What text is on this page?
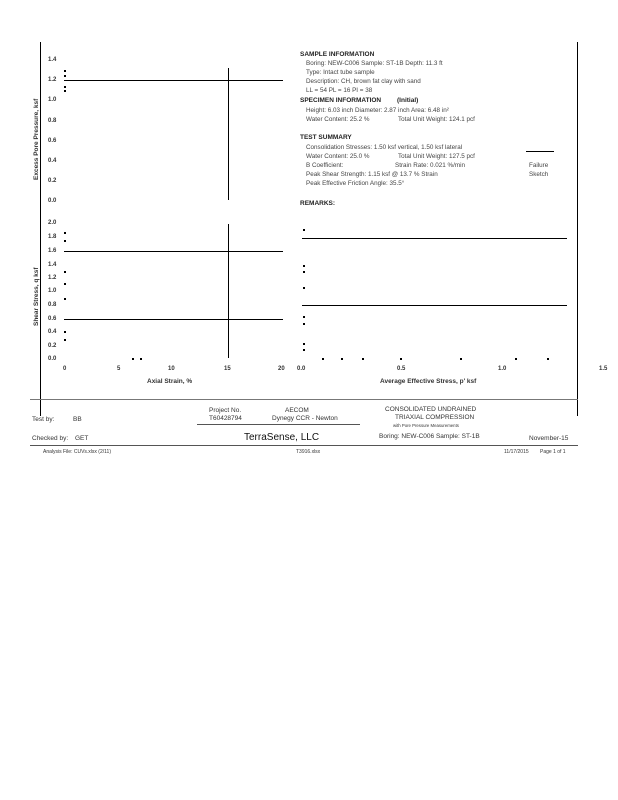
Excess Pore Pressure, ksf
1.4
1.2
1.0
0.8
0.6
0.4
0.2
0.0
Shear Stress, q ksf
2.0
1.8
1.6
1.4
1.2
1.0
0.8
0.6
0.4
0.2
0.0
0	5	10	15	20
Axial Strain, %
0.0	0.5	1.0	1.5
Average Effective Stress, p' ksf
SAMPLE INFORMATION
Boring: NEW-C006 Sample: ST-1B Depth: 11.3 ft
Type: Intact tube sample
Description: CH, brown fat clay with sand
LL = 54 PL = 16 PI = 38
SPECIMEN INFORMATION (Initial)
Height: 6.03 inch Diameter: 2.87 inch Area: 6.48 in²
Water Content: 25.2 %	Total Unit Weight: 124.1 pcf
TEST SUMMARY
Consolidation Stresses: 1.50 ksf vertical, 1.50 ksf lateral
Water Content: 25.0 %	Total Unit Weight: 127.5 pcf
B Coefficient:	Strain Rate: 0.021 %/min
Peak Shear Strength: 1.15 ksf @ 13.7 % Strain
Peak Effective Friction Angle: 35.5°
Failure
Sketch
REMARKS:
Test by:	BB
Project No.
T60428794
AECOM
Dynegy CCR - Newton
CONSOLIDATED UNDRAINED
TRIAXIAL COMPRESSION
with Pore Pressure Measurements
Checked by: GET	TerraSense, LLC	Boring: NEW-C006 Sample: ST-1B	November-15
Analysis File: CUVs.xlsx (2/11)	T3916.xlsx	11/17/2015 Page 1 of 1
